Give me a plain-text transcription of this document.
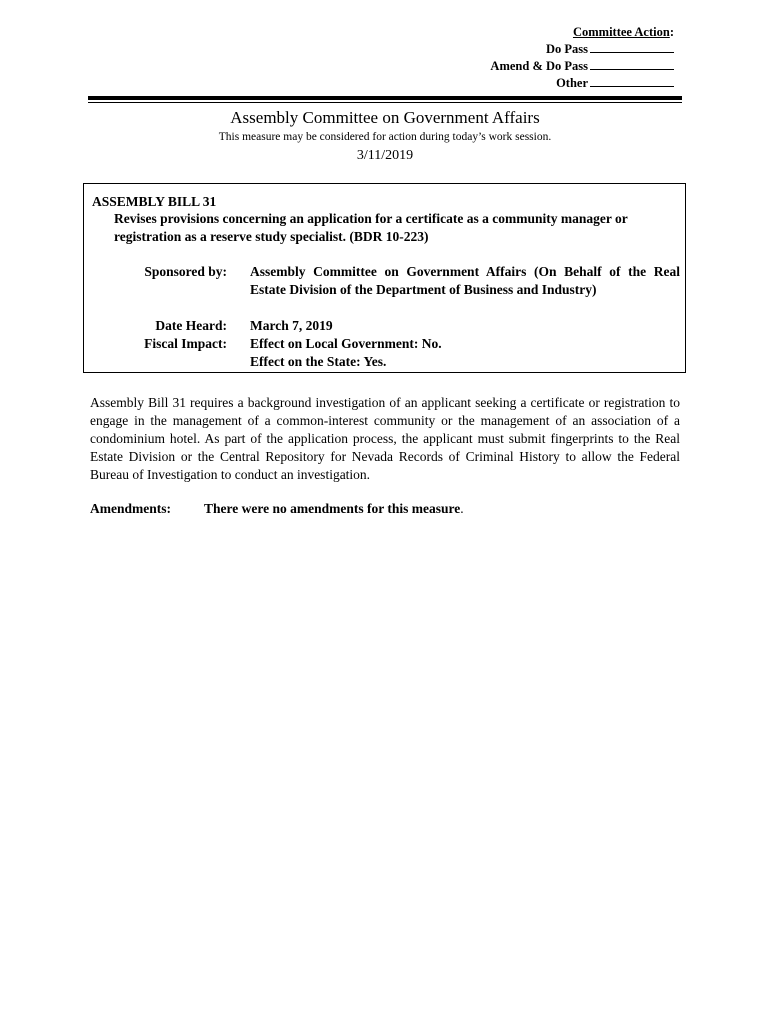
Committee Action:
Do Pass
Amend & Do Pass
Other
Assembly Committee on Government Affairs
This measure may be considered for action during today’s work session.
3/11/2019
ASSEMBLY BILL 31
Revises provisions concerning an application for a certificate as a community manager or registration as a reserve study specialist. (BDR 10-223)
Sponsored by: Assembly Committee on Government Affairs (On Behalf of the Real Estate Division of the Department of Business and Industry)
Date Heard: March 7, 2019
Fiscal Impact: Effect on Local Government: No.
Effect on the State: Yes.
Assembly Bill 31 requires a background investigation of an applicant seeking a certificate or registration to engage in the management of a common-interest community or the management of an association of a condominium hotel. As part of the application process, the applicant must submit fingerprints to the Real Estate Division or the Central Repository for Nevada Records of Criminal History to allow the Federal Bureau of Investigation to conduct an investigation.
Amendments: There were no amendments for this measure.
